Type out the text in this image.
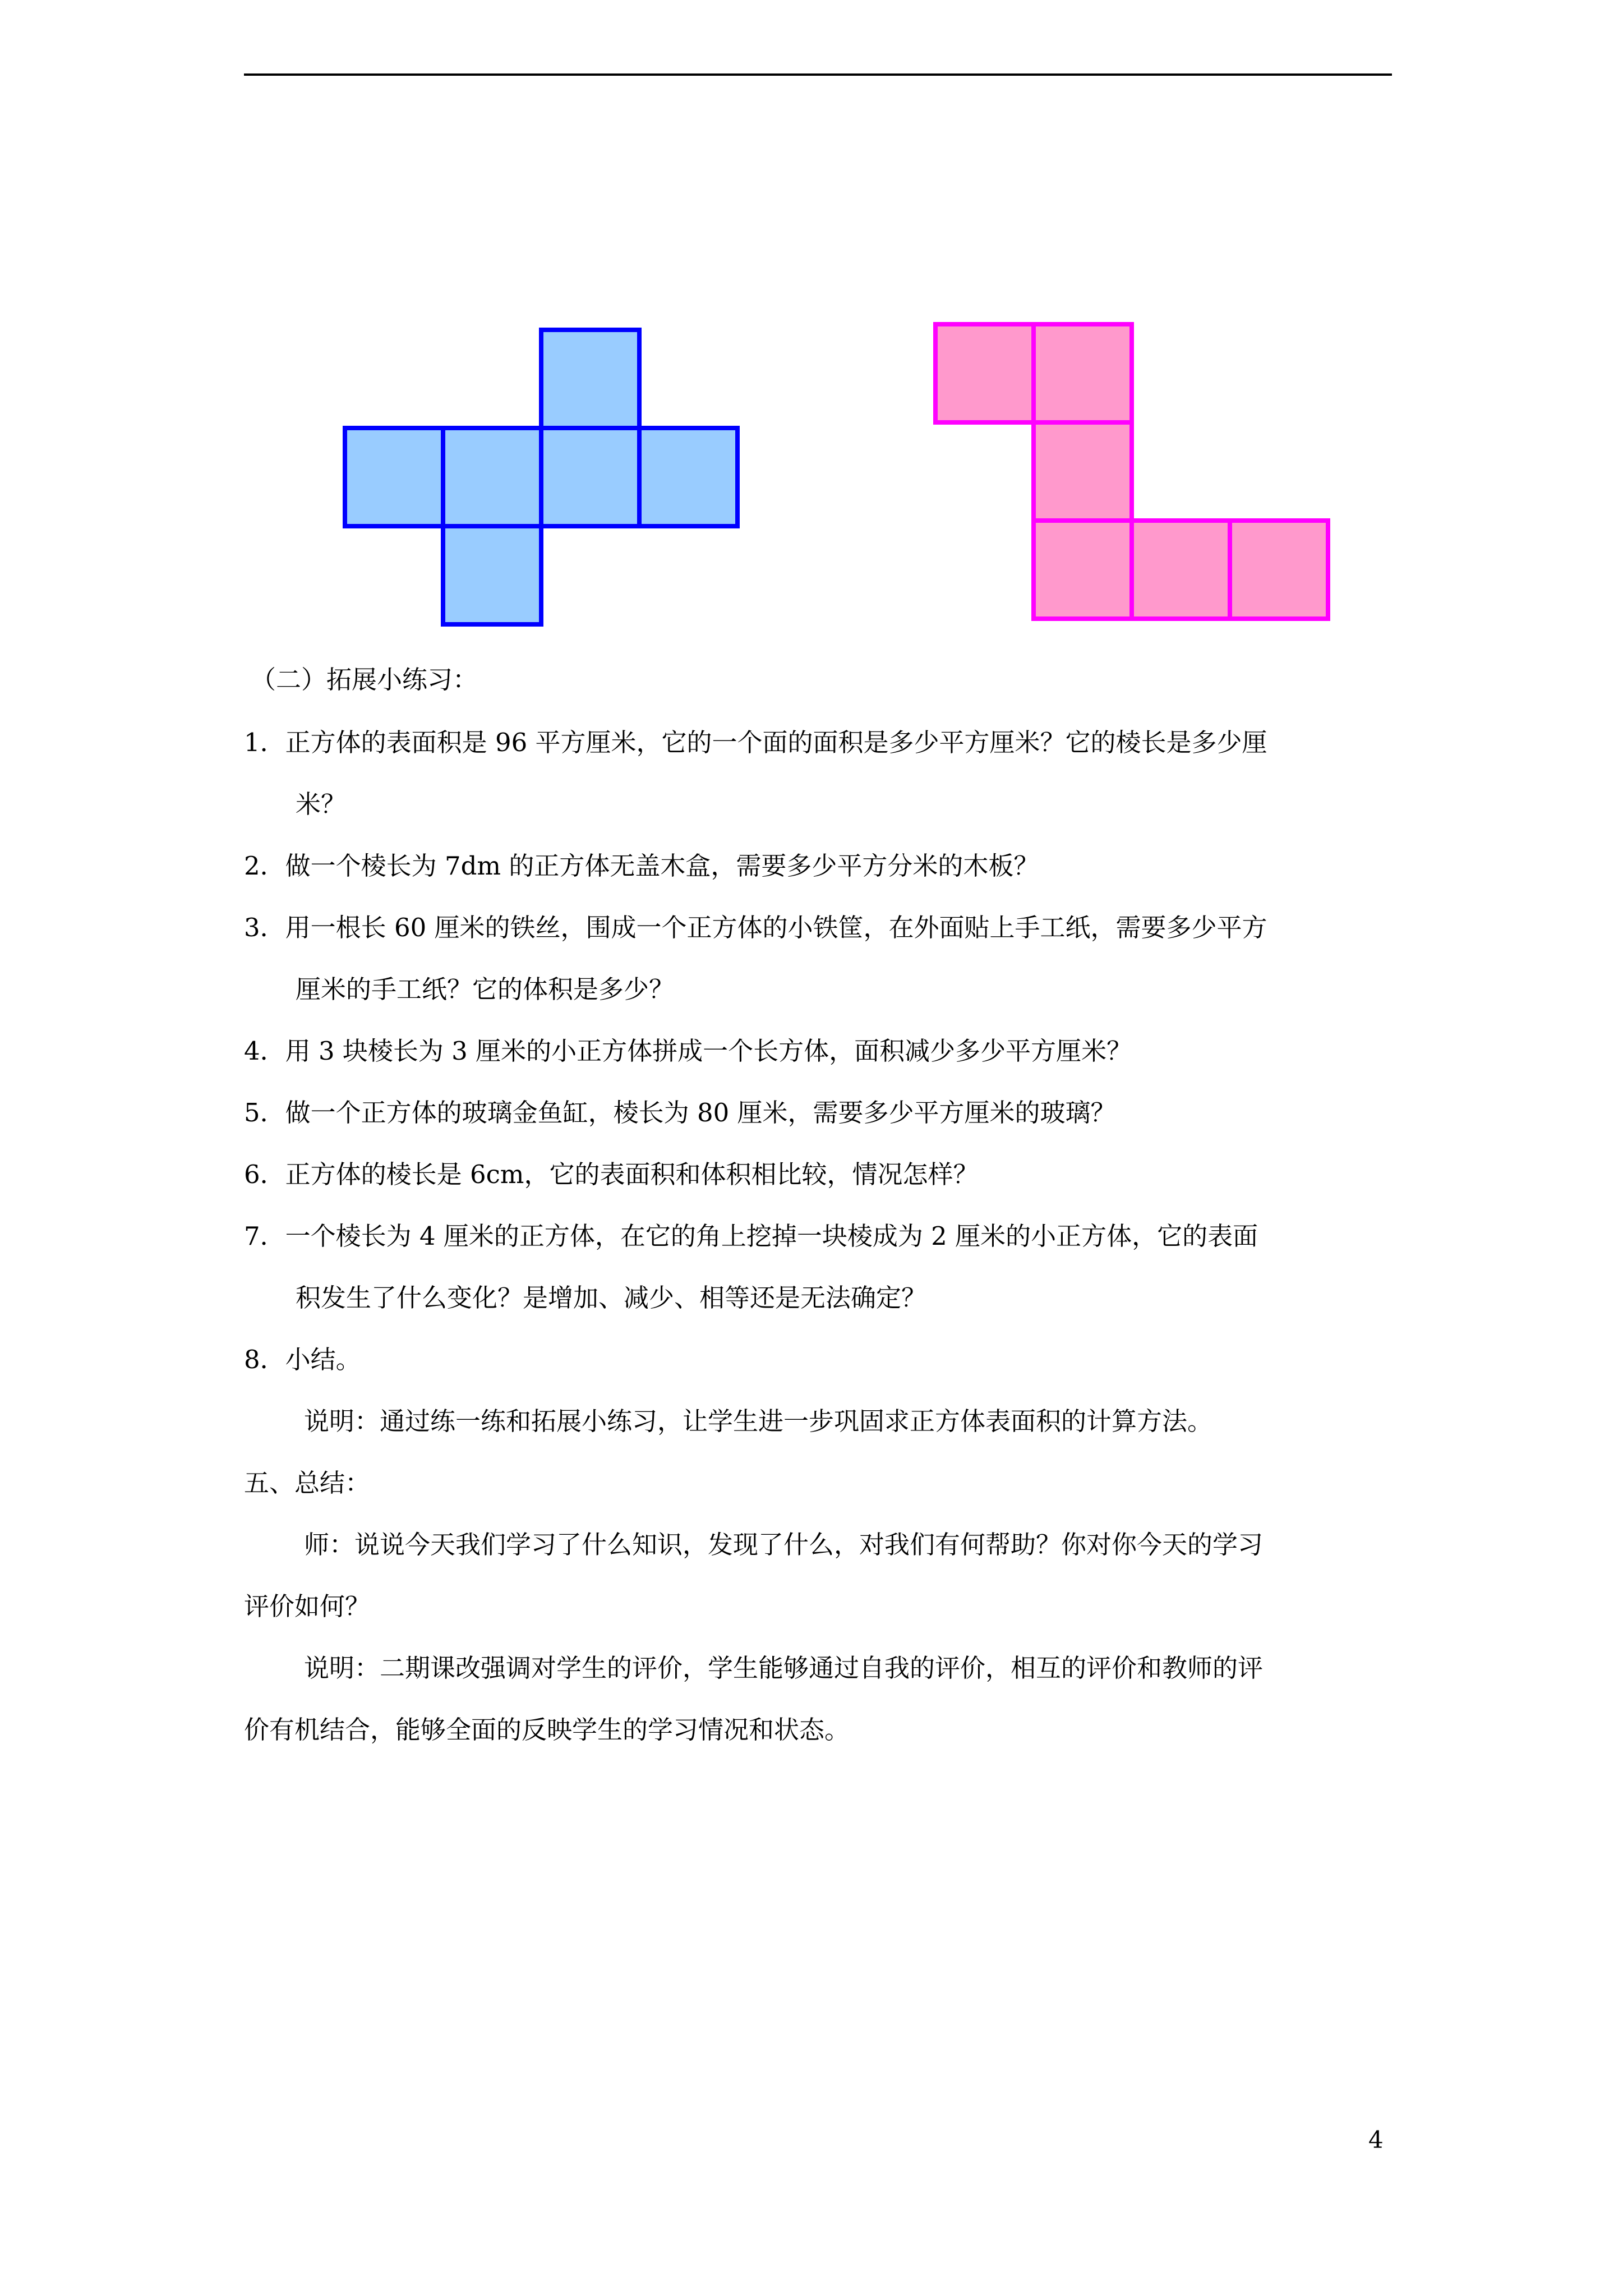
（二）拓展小练习：
1．正方体的表面积是 96 平方厘米，它的一个面的面积是多少平方厘米？它的棱长是多少厘
米？
2．做一个棱长为 7dm 的正方体无盖木盒，需要多少平方分米的木板？
3．用一根长 60 厘米的铁丝，围成一个正方体的小铁筐，在外面贴上手工纸，需要多少平方
厘米的手工纸？它的体积是多少？
4．用 3 块棱长为 3 厘米的小正方体拼成一个长方体，面积减少多少平方厘米？
5．做一个正方体的玻璃金鱼缸，棱长为 80 厘米，需要多少平方厘米的玻璃？
6．正方体的棱长是 6cm，它的表面积和体积相比较，情况怎样？
7．一个棱长为 4 厘米的正方体，在它的角上挖掉一块棱成为 2 厘米的小正方体，它的表面
积发生了什么变化？是增加、减少、相等还是无法确定？
8．小结。
说明：通过练一练和拓展小练习，让学生进一步巩固求正方体表面积的计算方法。
五、总结：
师：说说今天我们学习了什么知识，发现了什么，对我们有何帮助？你对你今天的学习
评价如何？
说明：二期课改强调对学生的评价，学生能够通过自我的评价，相互的评价和教师的评
价有机结合，能够全面的反映学生的学习情况和状态。
4
